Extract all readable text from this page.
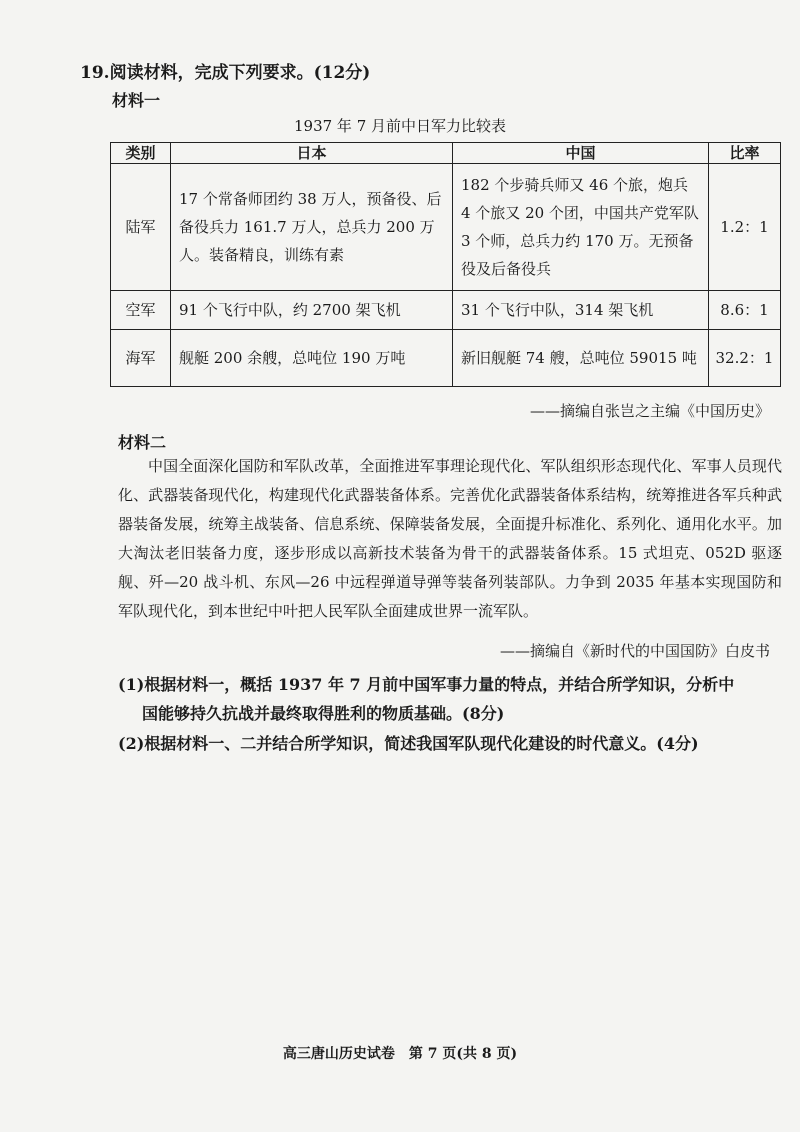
19.阅读材料，完成下列要求。(12分)
材料一
1937 年 7 月前中日军力比较表
类别	日本	中国	比率
陆军	17 个常备师团约 38 万人，预备役、后备役兵力 161.7 万人，总兵力 200 万人。装备精良，训练有素	182 个步骑兵师又 46 个旅，炮兵 4 个旅又 20 个团，中国共产党军队 3 个师，总兵力约 170 万。无预备役及后备役兵	1.2：1
空军	91 个飞行中队，约 2700 架飞机	31 个飞行中队，314 架飞机	8.6：1
海军	舰艇 200 余艘，总吨位 190 万吨	新旧舰艇 74 艘，总吨位 59015 吨	32.2：1
——摘编自张岂之主编《中国历史》
材料二
中国全面深化国防和军队改革，全面推进军事理论现代化、军队组织形态现代化、军事人员现代化、武器装备现代化，构建现代化武器装备体系。完善优化武器装备体系结构，统筹推进各军兵种武器装备发展，统筹主战装备、信息系统、保障装备发展，全面提升标准化、系列化、通用化水平。加大淘汰老旧装备力度，逐步形成以高新技术装备为骨干的武器装备体系。15 式坦克、052D 驱逐舰、歼—20 战斗机、东风—26 中远程弹道导弹等装备列装部队。力争到 2035 年基本实现国防和军队现代化，到本世纪中叶把人民军队全面建成世界一流军队。
——摘编自《新时代的中国国防》白皮书
(1)根据材料一，概括 1937 年 7 月前中国军事力量的特点，并结合所学知识，分析中
国能够持久抗战并最终取得胜利的物质基础。(8分)
(2)根据材料一、二并结合所学知识，简述我国军队现代化建设的时代意义。(4分)
高三唐山历史试卷　第 7 页(共 8 页)
